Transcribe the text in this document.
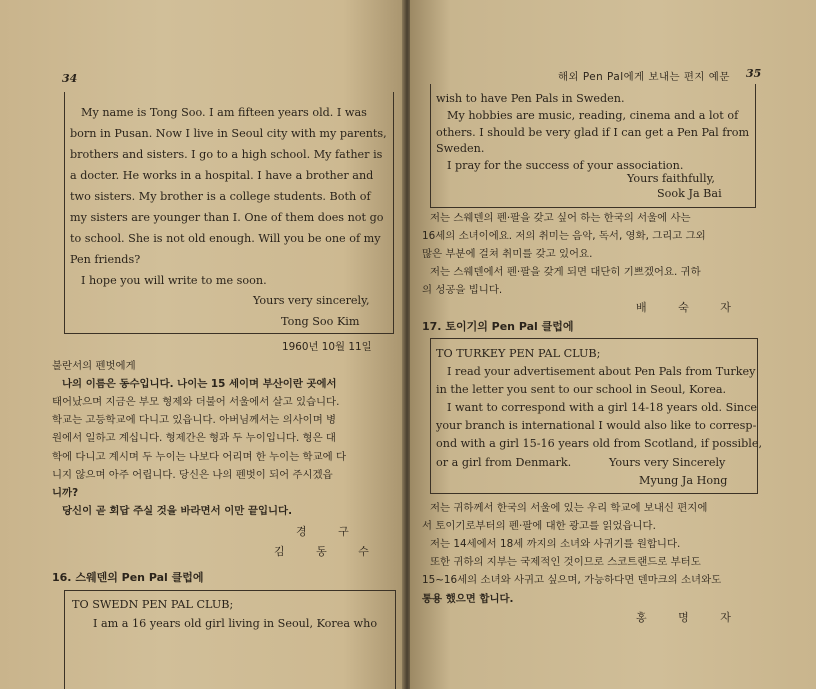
34
My name is Tong Soo. I am fifteen years old. I was
born in Pusan. Now I live in Seoul city with my parents,
brothers and sisters. I go to a high school. My father is
a docter. He works in a hospital. I have a brother and
two sisters. My brother is a college students. Both of
my sisters are younger than I. One of them does not go
to school. She is not old enough. Will you be one of my
Pen friends?
I hope you will write to me soon.
Yours very sincerely,
Tong Soo Kim
1960년 10월 11일
불란서의 펜벗에게
나의 이름은 동수입니다. 나이는 15 세이며 부산이란 곳에서
태어났으며 지금은 부모 형제와 더불어 서울에서 살고 있습니다.
학교는 고등학교에 다니고 있읍니다. 아버님께서는 의사이며 병
원에서 일하고 계십니다. 형제간은 형과 두 누이입니다. 형은 대
학에 다니고 계시며 두 누이는 나보다 어리며 한 누이는 학교에 다
니지 않으며 아주 어립니다. 당신은 나의 펜벗이 되어 주시겠읍
니까?
당신이 곧 회답 주실 것을 바라면서 이만 끝입니다.
경 구
김 동 수
16. 스웨덴의 Pen Pal 클럽에
TO SWEDN PEN PAL CLUB;
I am a 16 years old girl living in Seoul, Korea who
해외 Pen Pal에게 보내는 편지 예문 35
wish to have Pen Pals in Sweden.
My hobbies are music, reading, cinema and a lot of
others. I should be very glad if I can get a Pen Pal from
Sweden.
I pray for the success of your association.
Yours faithfully,
Sook Ja Bai
저는 스웨덴의 펜·팔을 갖고 싶어 하는 한국의 서울에 사는
16세의 소녀이에요. 저의 취미는 음악, 독서, 영화, 그리고 그외
많은 부분에 걸쳐 취미를 갖고 있어요.
저는 스웨덴에서 펜·팔을 갖게 되면 대단히 기쁘겠어요. 귀하
의 성공을 빕니다.
배 숙 자
17. 토이기의 Pen Pal 클럽에
TO TURKEY PEN PAL CLUB;
I read your advertisement about Pen Pals from Turkey
in the letter you sent to our school in Seoul, Korea.
I want to correspond with a girl 14-18 years old. Since
your branch is international I would also like to corresp-
ond with a girl 15-16 years old from Scotland, if possible,
or a girl from Denmark.	Yours very Sincerely
Myung Ja Hong
저는 귀하께서 한국의 서울에 있는 우리 학교에 보내신 편지에
서 토이기로부터의 펜·팔에 대한 광고를 읽었읍니다.
저는 14세에서 18세 까지의 소녀와 사귀기를 원합니다.
또한 귀하의 지부는 국제적인 것이므로 스코트랜드로 부터도
15~16세의 소녀와 사귀고 싶으며, 가능하다면 덴마크의 소녀와도
통용 했으면 합니다.
홍 명 자
